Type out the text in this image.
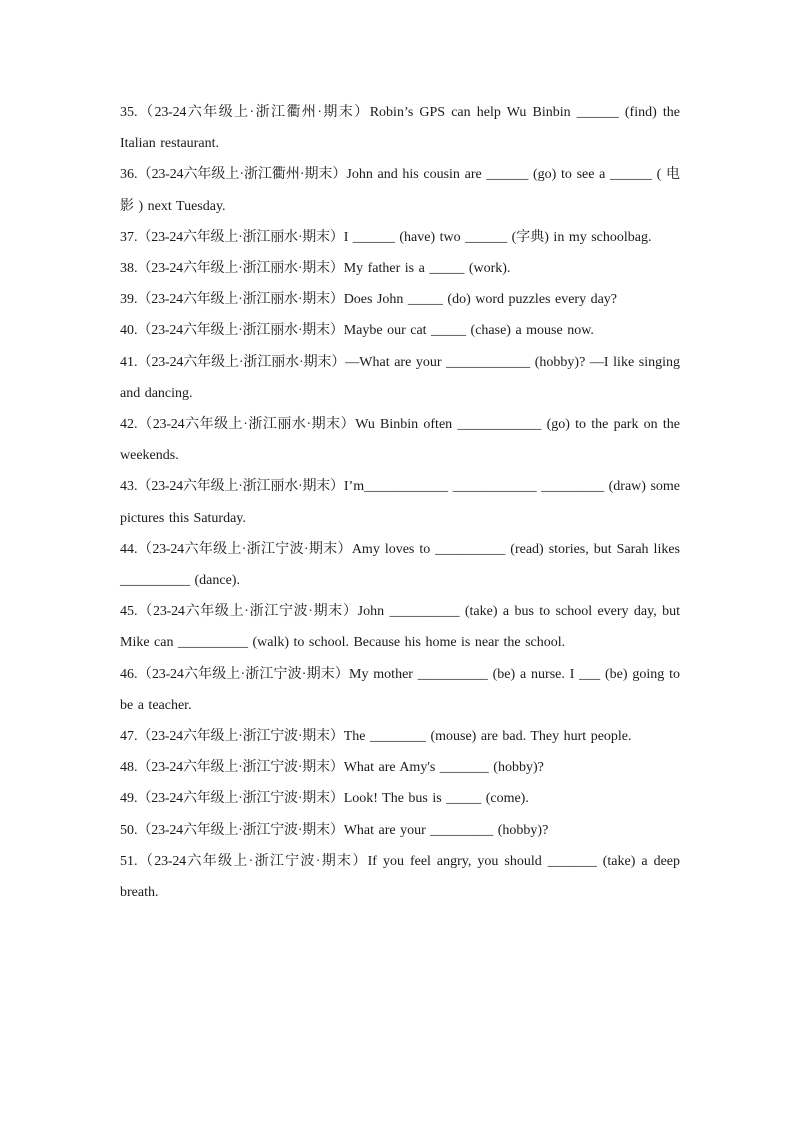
35.（23-24六年级上·浙江衢州·期末）Robin’s GPS can help Wu Binbin ______ (find) the Italian restaurant.

36.（23-24六年级上·浙江衢州·期末）John and his cousin are ______ (go) to see a ______ ( 电影 ) next Tuesday.

37.（23-24六年级上·浙江丽水·期末）I ______ (have) two ______ (字典) in my schoolbag.

38.（23-24六年级上·浙江丽水·期末）My father is a _____ (work).

39.（23-24六年级上·浙江丽水·期末）Does John _____ (do) word puzzles every day?

40.（23-24六年级上·浙江丽水·期末）Maybe our cat _____ (chase) a mouse now.

41.（23-24六年级上·浙江丽水·期末）—What are your ____________ (hobby)? —I like singing and dancing.

42.（23-24六年级上·浙江丽水·期末）Wu Binbin often ____________ (go) to the park on the weekends.

43.（23-24六年级上·浙江丽水·期末）I’m____________ ____________ _________ (draw) some pictures this Saturday.

44.（23-24六年级上·浙江宁波·期末）Amy loves to __________ (read) stories, but Sarah likes __________ (dance).

45.（23-24六年级上·浙江宁波·期末）John __________ (take) a bus to school every day, but Mike can __________ (walk) to school. Because his home is near the school.

46.（23-24六年级上·浙江宁波·期末）My mother __________ (be) a nurse. I ___ (be) going to be a teacher.

47.（23-24六年级上·浙江宁波·期末）The ________ (mouse) are bad. They hurt people.

48.（23-24六年级上·浙江宁波·期末）What are Amy's _______ (hobby)?

49.（23-24六年级上·浙江宁波·期末）Look! The bus is _____ (come).

50.（23-24六年级上·浙江宁波·期末）What are your _________ (hobby)?

51.（23-24六年级上·浙江宁波·期末）If you feel angry, you should _______ (take) a deep breath.
